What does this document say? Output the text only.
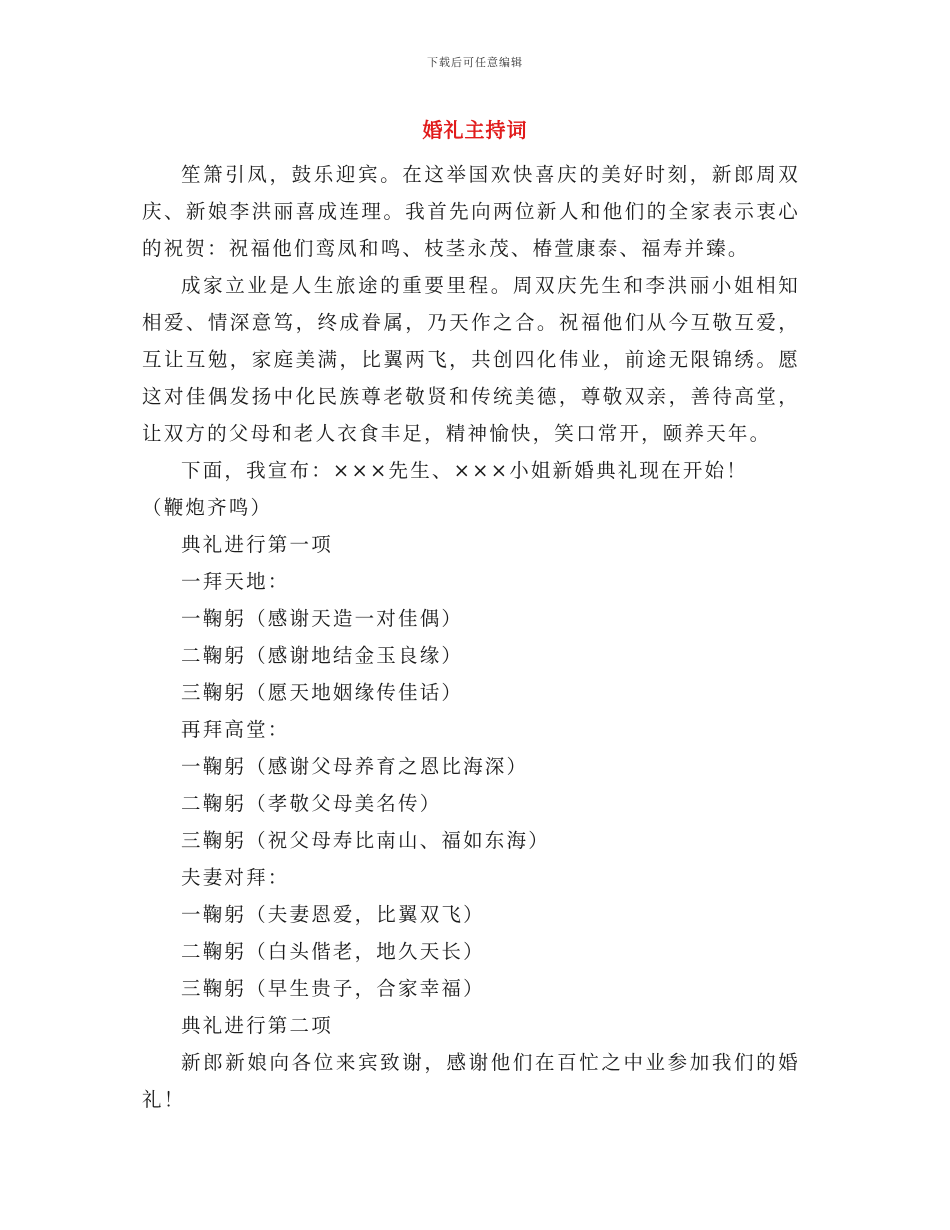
下载后可任意编辑
婚礼主持词

笙箫引凤，鼓乐迎宾。在这举国欢快喜庆的美好时刻，新郎周双庆、新娘李洪丽喜成连理。我首先向两位新人和他们的全家表示衷心的祝贺：祝福他们鸾凤和鸣、枝茎永茂、椿萱康泰、福寿并臻。

成家立业是人生旅途的重要里程。周双庆先生和李洪丽小姐相知相爱、情深意笃，终成眷属，乃天作之合。祝福他们从今互敬互爱，互让互勉，家庭美满，比翼两飞，共创四化伟业，前途无限锦绣。愿这对佳偶发扬中化民族尊老敬贤和传统美德，尊敬双亲，善待高堂，让双方的父母和老人衣食丰足，精神愉快，笑口常开，颐养天年。

下面，我宣布：×××先生、×××小姐新婚典礼现在开始！

（鞭炮齐鸣）

典礼进行第一项

一拜天地：

一鞠躬（感谢天造一对佳偶）

二鞠躬（感谢地结金玉良缘）

三鞠躬（愿天地姻缘传佳话）

再拜高堂：

一鞠躬（感谢父母养育之恩比海深）

二鞠躬（孝敬父母美名传）

三鞠躬（祝父母寿比南山、福如东海）

夫妻对拜：

一鞠躬（夫妻恩爱，比翼双飞）

二鞠躬（白头偕老，地久天长）

三鞠躬（早生贵子，合家幸福）

典礼进行第二项

新郎新娘向各位来宾致谢，感谢他们在百忙之中业参加我们的婚礼！
